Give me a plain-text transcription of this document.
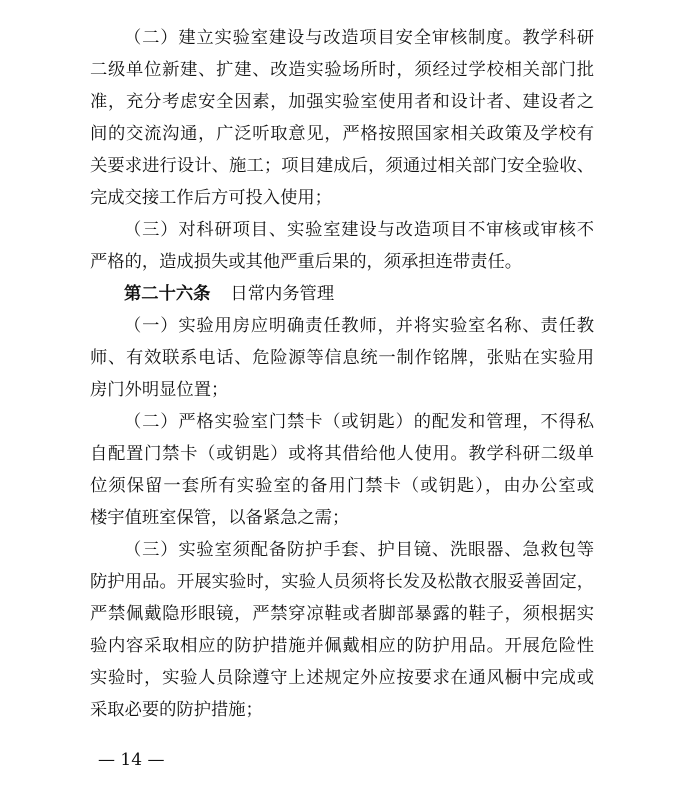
（二）建立实验室建设与改造项目安全审核制度。教学科研
二级单位新建、扩建、改造实验场所时，须经过学校相关部门批
准，充分考虑安全因素，加强实验室使用者和设计者、建设者之
间的交流沟通，广泛听取意见，严格按照国家相关政策及学校有
关要求进行设计、施工；项目建成后，须通过相关部门安全验收、
完成交接工作后方可投入使用；
（三）对科研项目、实验室建设与改造项目不审核或审核不
严格的，造成损失或其他严重后果的，须承担连带责任。
第二十六条 日常内务管理
（一）实验用房应明确责任教师，并将实验室名称、责任教
师、有效联系电话、危险源等信息统一制作铭牌，张贴在实验用
房门外明显位置；
（二）严格实验室门禁卡（或钥匙）的配发和管理，不得私
自配置门禁卡（或钥匙）或将其借给他人使用。教学科研二级单
位须保留一套所有实验室的备用门禁卡（或钥匙），由办公室或
楼宇值班室保管，以备紧急之需；
（三）实验室须配备防护手套、护目镜、洗眼器、急救包等
防护用品。开展实验时，实验人员须将长发及松散衣服妥善固定，
严禁佩戴隐形眼镜，严禁穿凉鞋或者脚部暴露的鞋子，须根据实
验内容采取相应的防护措施并佩戴相应的防护用品。开展危险性
实验时，实验人员除遵守上述规定外应按要求在通风橱中完成或
采取必要的防护措施；
— 14 —
